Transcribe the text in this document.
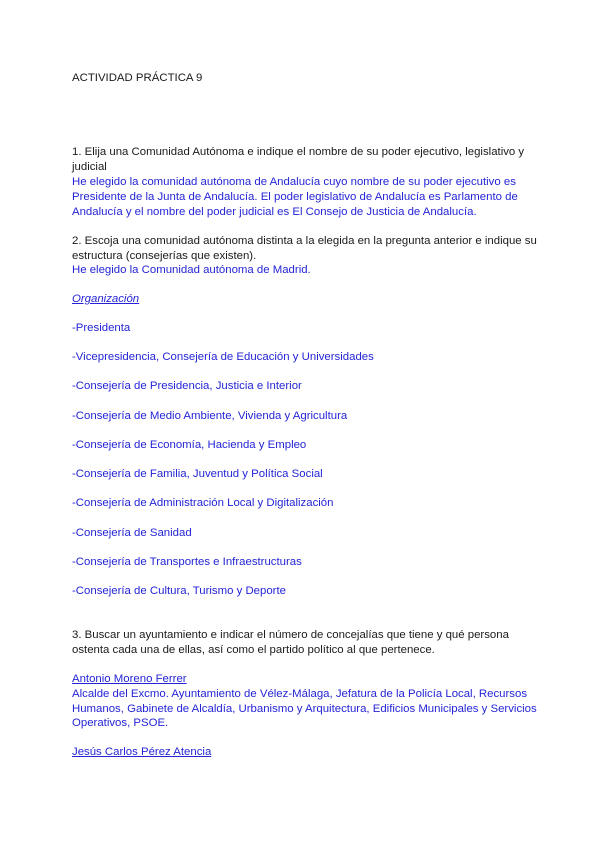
ACTIVIDAD PRÁCTICA 9
1. Elija una Comunidad Autónoma e indique el nombre de su poder ejecutivo, legislativo y
judicial
He elegido la comunidad autónoma de Andalucía cuyo nombre de su poder ejecutivo es
Presidente de la Junta de Andalucía. El poder legislativo de Andalucía es Parlamento de
Andalucía y el nombre del poder judicial es El Consejo de Justicia de Andalucía.
2. Escoja una comunidad autónoma distinta a la elegida en la pregunta anterior e indique su
estructura (consejerías que existen).
He elegido la Comunidad autónoma de Madrid.
Organización
-Presidenta
-Vicepresidencia, Consejería de Educación y Universidades
-Consejería de Presidencia, Justicia e Interior
-Consejería de Medio Ambiente, Vivienda y Agricultura
-Consejería de Economía, Hacienda y Empleo
-Consejería de Familia, Juventud y Política Social
-Consejería de Administración Local y Digitalización
-Consejería de Sanidad
-Consejería de Transportes e Infraestructuras
-Consejería de Cultura, Turismo y Deporte
3. Buscar un ayuntamiento e indicar el número de concejalías que tiene y qué persona
ostenta cada una de ellas, así como el partido político al que pertenece.
Antonio Moreno Ferrer
Alcalde del Excmo. Ayuntamiento de Vélez-Málaga, Jefatura de la Policía Local, Recursos
Humanos, Gabinete de Alcaldía, Urbanismo y Arquitectura, Edificios Municipales y Servicios
Operativos, PSOE.
Jesús Carlos Pérez Atencia
